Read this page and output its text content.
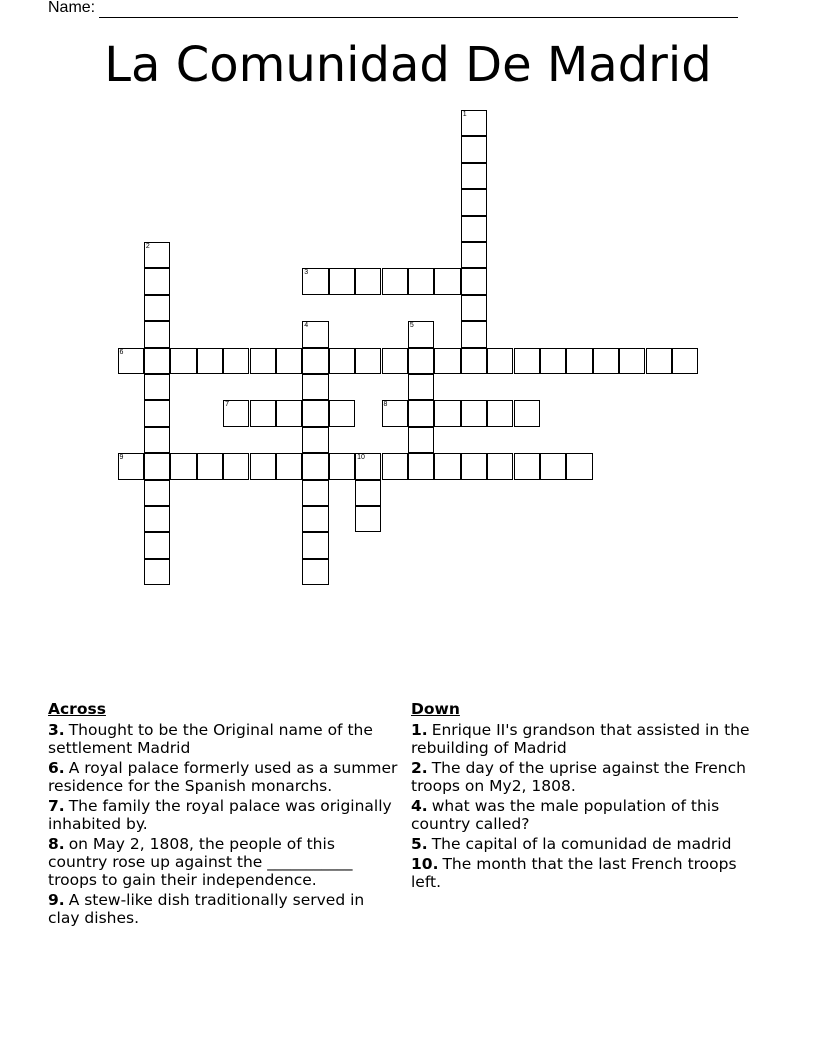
Name:
La Comunidad De Madrid
1
2
3
4	5
6
7	8
9	10
Across
3. Thought to be the Original name of the settlement Madrid
6. A royal palace formerly used as a summer residence for the Spanish monarchs.
7. The family the royal palace was originally inhabited by.
8. on May 2, 1808, the people of this country rose up against the ___________ troops to gain their independence.
9. A stew-like dish traditionally served in clay dishes.
Down
1. Enrique II's grandson that assisted in the rebuilding of Madrid
2. The day of the uprise against the French troops on My2, 1808.
4. what was the male population of this country called?
5. The capital of la comunidad de madrid
10. The month that the last French troops left.
